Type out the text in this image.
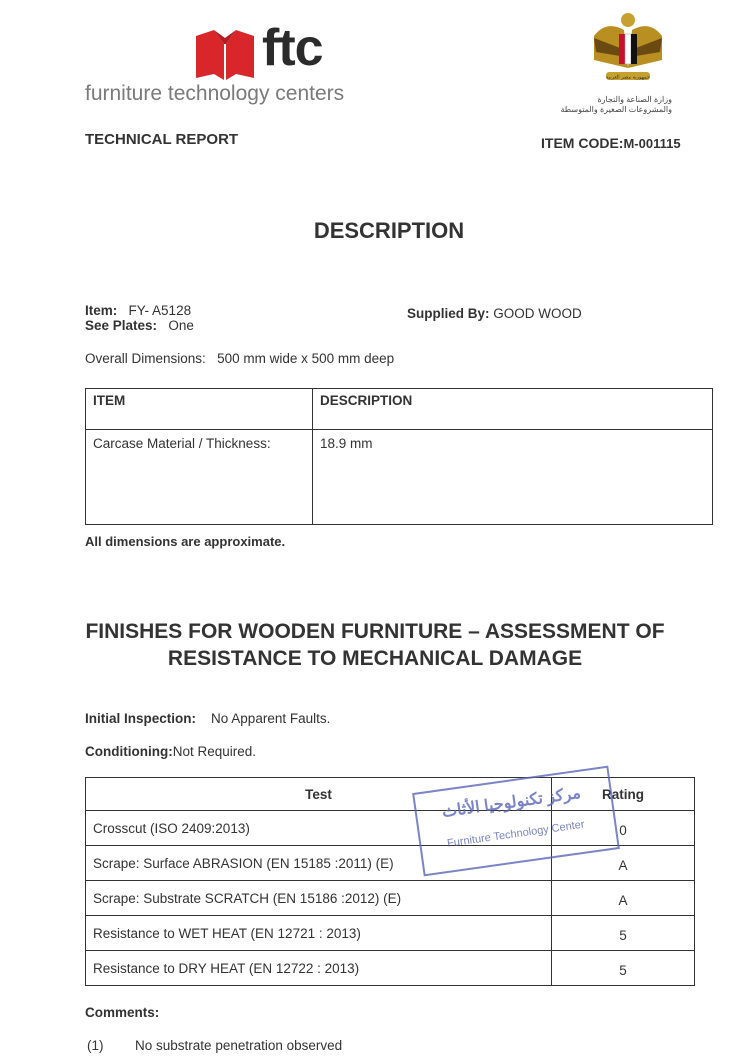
ftc
furniture technology centers
جمهورية مصر العربية
وزارة الصناعة والتجارة
والمشروعات الصغيرة والمتوسطة
TECHNICAL REPORT	ITEM CODE:M-001115
DESCRIPTION
Item: FY- A5128
See Plates: One
Supplied By: GOOD WOOD
Overall Dimensions: 500 mm wide x 500 mm deep
ITEM	DESCRIPTION
Carcase Material / Thickness:	18.9 mm
All dimensions are approximate.
FINISHES FOR WOODEN FURNITURE – ASSESSMENT OF
RESISTANCE TO MECHANICAL DAMAGE
Initial Inspection: No Apparent Faults.
Conditioning:Not Required.
Test	Rating
Crosscut (ISO 2409:2013)	0
Scrape: Surface ABRASION (EN 15185 :2011) (E)	A
Scrape: Substrate SCRATCH (EN 15186 :2012) (E)	A
Resistance to WET HEAT (EN 12721 : 2013)	5
Resistance to DRY HEAT (EN 12722 : 2013)	5
مركز تكنولوجيا الأثاث
Furniture Technology Center
Comments:
(1) No substrate penetration observed
